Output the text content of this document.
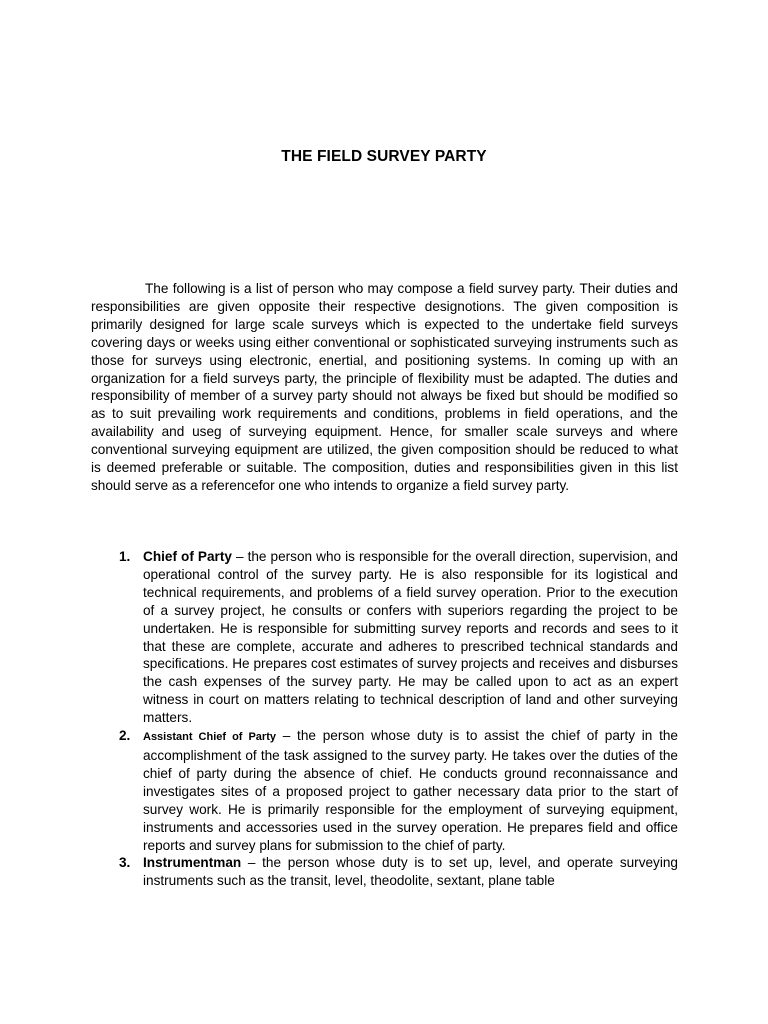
THE FIELD SURVEY PARTY

The following is a list of person who may compose a field survey party. Their duties and responsibilities are given opposite their respective designotions. The given composition is primarily designed for large scale surveys which is expected to the undertake field surveys covering days or weeks using either conventional or sophisticated surveying instruments such as those for surveys using electronic, enertial, and positioning systems. In coming up with an organization for a field surveys party, the principle of flexibility must be adapted. The duties and responsibility of member of a survey party should not always be fixed but should be modified so as to suit prevailing work requirements and conditions, problems in field operations, and the availability and useg of surveying equipment. Hence, for smaller scale surveys and where conventional surveying equipment are utilized, the given composition should be reduced to what is deemed preferable or suitable. The composition, duties and responsibilities given in this list should serve as a referencefor one who intends to organize a field survey party.

1. Chief of Party – the person who is responsible for the overall direction, supervision, and operational control of the survey party. He is also responsible for its logistical and technical requirements, and problems of a field survey operation. Prior to the execution of a survey project, he consults or confers with superiors regarding the project to be undertaken. He is responsible for submitting survey reports and records and sees to it that these are complete, accurate and adheres to prescribed technical standards and specifications. He prepares cost estimates of survey projects and receives and disburses the cash expenses of the survey party. He may be called upon to act as an expert witness in court on matters relating to technical description of land and other surveying matters.
2. Assistant Chief of Party – the person whose duty is to assist the chief of party in the accomplishment of the task assigned to the survey party. He takes over the duties of the chief of party during the absence of chief. He conducts ground reconnaissance and investigates sites of a proposed project to gather necessary data prior to the start of survey work. He is primarily responsible for the employment of surveying equipment, instruments and accessories used in the survey operation. He prepares field and office reports and survey plans for submission to the chief of party.
3. Instrumentman – the person whose duty is to set up, level, and operate surveying instruments such as the transit, level, theodolite, sextant, plane table
